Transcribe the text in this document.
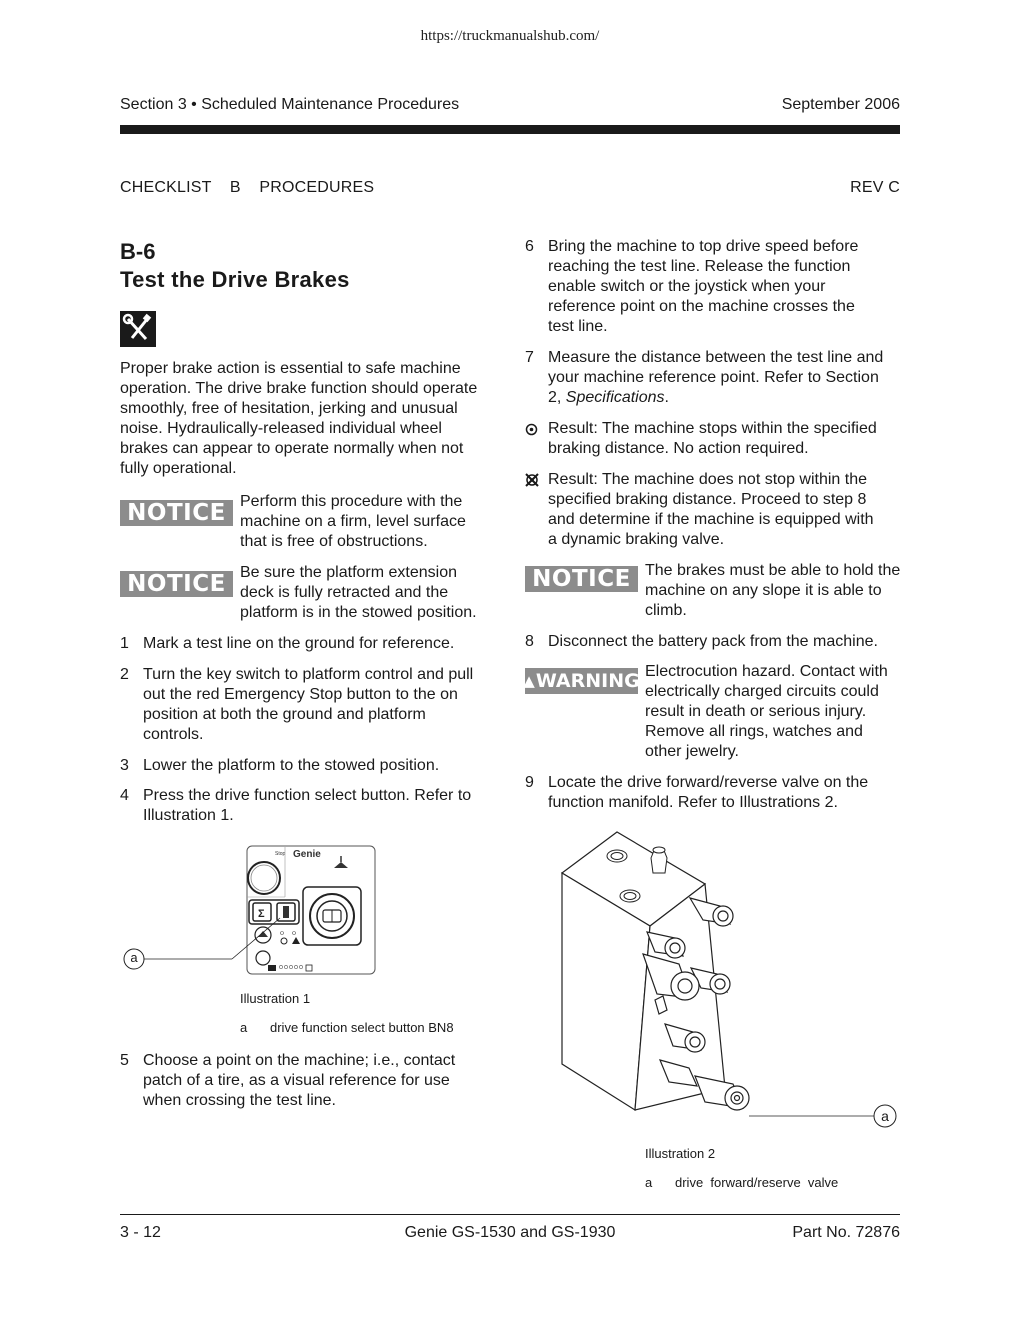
https://truckmanualshub.com/
Section 3 • Scheduled Maintenance Procedures	September 2006
CHECKLIST    B    PROCEDURES	REV C
B-6
Test the Drive Brakes
Proper brake action is essential to safe machine operation. The drive brake function should operate smoothly, free of hesitation, jerking and unusual noise. Hydraulically-released individual wheel brakes can appear to operate normally when not fully operational.
NOTICE Perform this procedure with the machine on a firm, level surface that is free of obstructions.
NOTICE Be sure the platform extension deck is fully retracted and the platform is in the stowed position.
1 Mark a test line on the ground for reference.
2 Turn the key switch to platform control and pull out the red Emergency Stop button to the on position at both the ground and platform controls.
3 Lower the platform to the stowed position.
4 Press the drive function select button. Refer to Illustration 1.
Stop Genie
Σ
a
Illustration 1
a drive function select button BN8
5 Choose a point on the machine; i.e., contact patch of a tire, as a visual reference for use when crossing the test line.
6 Bring the machine to top drive speed before reaching the test line. Release the function enable switch or the joystick when your reference point on the machine crosses the test line.
7 Measure the distance between the test line and your machine reference point. Refer to Section 2, Specifications.
Result: The machine stops within the specified braking distance. No action required.
Result: The machine does not stop within the specified braking distance. Proceed to step 8 and determine if the machine is equipped with a dynamic braking valve.
NOTICE The brakes must be able to hold the machine on any slope it is able to climb.
8 Disconnect the battery pack from the machine.
▲ WARNING Electrocution hazard. Contact with electrically charged circuits could result in death or serious injury. Remove all rings, watches and other jewelry.
9 Locate the drive forward/reverse valve on the function manifold. Refer to Illustrations 2.
a
Illustration 2
a drive  forward/reserve  valve
3 - 12	Genie GS-1530 and GS-1930	Part No. 72876
